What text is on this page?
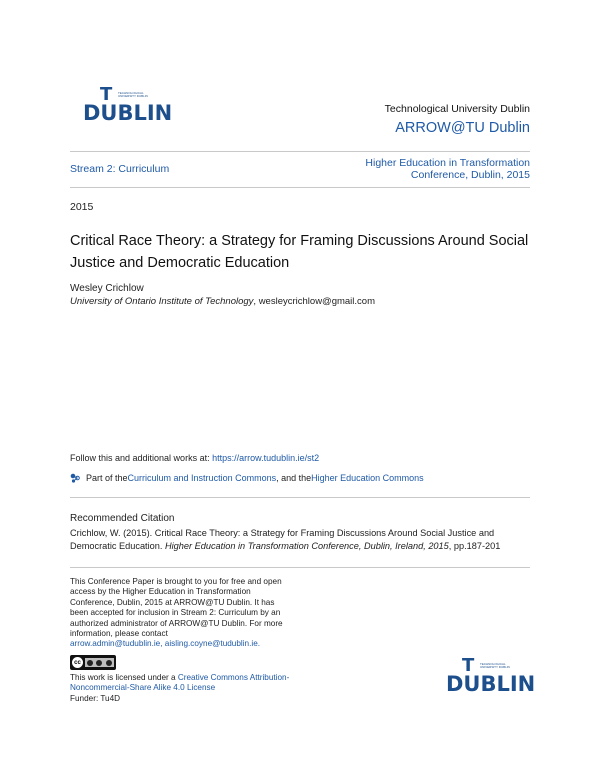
T TECHNOLOGICAL UNIVERSITY DUBLIN
DUBLIN	Technological University Dublin
ARROW@TU Dublin
Stream 2: Curriculum	Higher Education in Transformation
Conference, Dublin, 2015
2015
Critical Race Theory: a Strategy for Framing Discussions Around Social Justice and Democratic Education
Wesley Crichlow
University of Ontario Institute of Technology, wesleycrichlow@gmail.com
Follow this and additional works at: https://arrow.tudublin.ie/st2
Part of the Curriculum and Instruction Commons , and the Higher Education Commons
Recommended Citation
Crichlow, W. (2015). Critical Race Theory: a Strategy for Framing Discussions Around Social Justice and Democratic Education. Higher Education in Transformation Conference, Dublin, Ireland, 2015, pp.187-201
This Conference Paper is brought to you for free and open access by the Higher Education in Transformation Conference, Dublin, 2015 at ARROW@TU Dublin. It has been accepted for inclusion in Stream 2: Curriculum by an authorized administrator of ARROW@TU Dublin. For more information, please contact
arrow.admin@tudublin.ie, aisling.coyne@tudublin.ie.
cc
This work is licensed under a Creative Commons Attribution-Noncommercial-Share Alike 4.0 License
Funder: Tu4D
T TECHNOLOGICAL UNIVERSITY DUBLIN
DUBLIN
